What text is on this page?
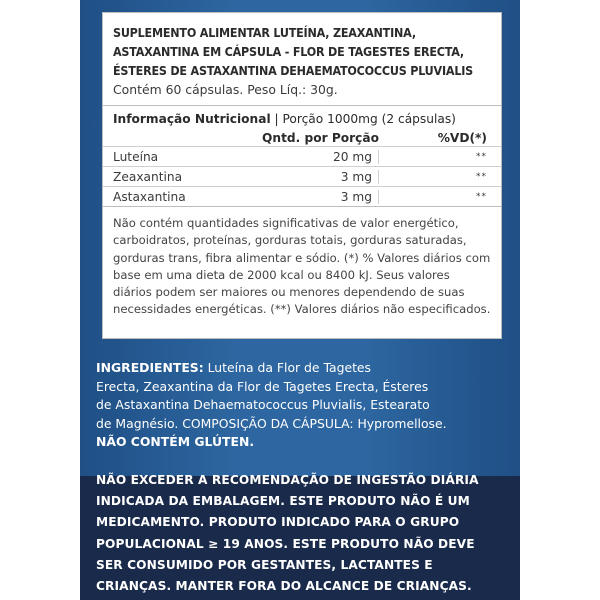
SUPLEMENTO ALIMENTAR LUTEÍNA, ZEAXANTINA,
ASTAXANTINA EM CÁPSULA - FLOR DE TAGESTES ERECTA,
ÉSTERES DE ASTAXANTINA DEHAEMATOCOCCUS PLUVIALIS
Contém 60 cápsulas. Peso Líq.: 30g.
Informação Nutricional | Porção 1000mg (2 cápsulas)
Qntd. por Porção	%VD(*)
Luteína	20 mg	**
Zeaxantina	3 mg	**
Astaxantina	3 mg	**
Não contém quantidades significativas de valor energético,
carboidratos, proteínas, gorduras totais, gorduras saturadas,
gorduras trans, fibra alimentar e sódio. (*) % Valores diários com
base em uma dieta de 2000 kcal ou 8400 kJ. Seus valores
diários podem ser maiores ou menores dependendo de suas
necessidades energéticas. (**) Valores diários não especificados.
INGREDIENTES: Luteína da Flor de Tagetes
Erecta, Zeaxantina da Flor de Tagetes Erecta, Ésteres
de Astaxantina Dehaematococcus Pluvialis, Estearato
de Magnésio. COMPOSIÇÃO DA CÁPSULA: Hypromellose.
NÃO CONTÉM GLÚTEN.
NÃO EXCEDER A RECOMENDAÇÃO DE INGESTÃO DIÁRIA
INDICADA DA EMBALAGEM. ESTE PRODUTO NÃO É UM
MEDICAMENTO. PRODUTO INDICADO PARA O GRUPO
POPULACIONAL ≥ 19 ANOS. ESTE PRODUTO NÃO DEVE
SER CONSUMIDO POR GESTANTES, LACTANTES E
CRIANÇAS. MANTER FORA DO ALCANCE DE CRIANÇAS.
